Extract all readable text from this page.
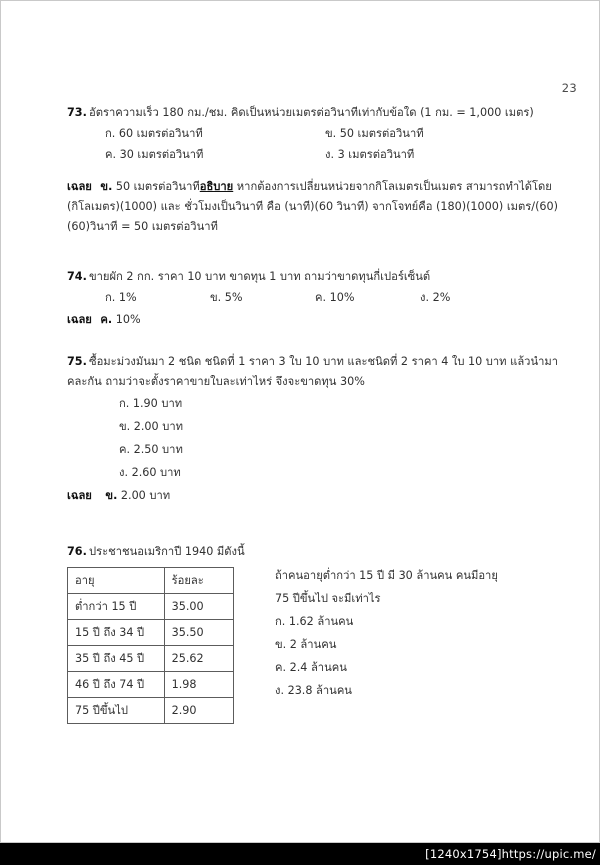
23
73. อัตราความเร็ว 180 กม./ชม. คิดเป็นหน่วยเมตรต่อวินาทีเท่ากับข้อใด (1 กม. = 1,000 เมตร)
ก. 60 เมตรต่อวินาที	ข. 50 เมตรต่อวินาที
ค. 30 เมตรต่อวินาที	ง. 3 เมตรต่อวินาที
เฉลย ข. 50 เมตรต่อวินาทีอธิบาย หากต้องการเปลี่ยนหน่วยจากกิโลเมตรเป็นเมตร สามารถทำได้โดย (กิโลเมตร)(1000) และ ชั่วโมงเป็นวินาที คือ (นาที)(60 วินาที) จากโจทย์คือ (180)(1000) เมตร/(60)(60)วินาที = 50 เมตรต่อวินาที
74. ขายผัก 2 กก. ราคา 10 บาท ขาดทุน 1 บาท ถามว่าขาดทุนกี่เปอร์เซ็นต์
ก. 1%	ข. 5%	ค. 10%	ง. 2%
เฉลย ค. 10%
75. ซื้อมะม่วงมันมา 2 ชนิด ชนิดที่ 1 ราคา 3 ใบ 10 บาท และชนิดที่ 2 ราคา 4 ใบ 10 บาท แล้วนำมาคละกัน ถามว่าจะตั้งราคาขายใบละเท่าไหร่ จึงจะขาดทุน 30%
ก. 1.90 บาท
ข. 2.00 บาท
ค. 2.50 บาท
ง. 2.60 บาท
เฉลย ข. 2.00 บาท
76. ประชาชนอเมริกาปี 1940 มีดังนี้
อายุ	ร้อยละ
ต่ำกว่า 15 ปี	35.00
15 ปี ถึง 34 ปี	35.50
35 ปี ถึง 45 ปี	25.62
46 ปี ถึง 74 ปี	1.98
75 ปีขึ้นไป	2.90
ถ้าคนอายุต่ำกว่า 15 ปี มี 30 ล้านคน คนมีอายุ
75 ปีขึ้นไป จะมีเท่าไร
ก. 1.62 ล้านคน
ข. 2 ล้านคน
ค. 2.4 ล้านคน
ง. 23.8 ล้านคน
[1240x1754]https://upic.me/
